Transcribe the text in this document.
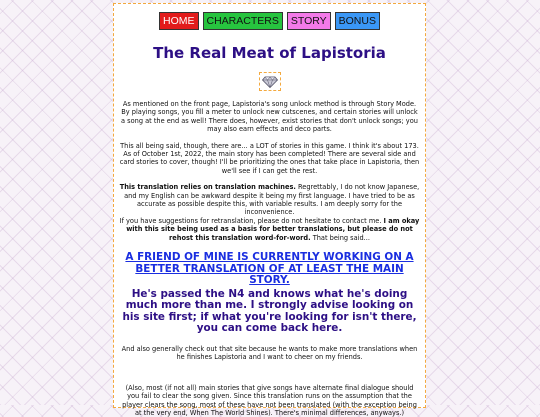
HOME	CHARACTERS	STORY	BONUS
The Real Meat of Lapistoria

As mentioned on the front page, Lapistoria's song unlock method is through Story Mode. By playing songs, you fill a meter to unlock new cutscenes, and certain stories will unlock a song at the end as well! There does, however, exist stories that don't unlock songs; you may also earn effects and deco parts.

This all being said, though, there are... a LOT of stories in this game. I think it's about 173. As of October 1st, 2022, the main story has been completed! There are several side and card stories to cover, though! I'll be prioritizing the ones that take place in Lapistoria, then we'll see if I can get the rest.

This translation relies on translation machines. Regrettably, I do not know Japanese, and my English can be awkward despite it being my first language. I have tried to be as accurate as possible despite this, with variable results. I am deeply sorry for the inconvenience.

If you have suggestions for retranslation, please do not hesitate to contact me. I am okay with this site being used as a basis for better translations, but please do not rehost this translation word-for-word. That being said...

A FRIEND OF MINE IS CURRENTLY WORKING ON A BETTER TRANSLATION OF AT LEAST THE MAIN STORY.

He's passed the N4 and knows what he's doing much more than me. I strongly advise looking on his site first; if what you're looking for isn't there, you can come back here.

And also generally check out that site because he wants to make more translations when he finishes Lapistoria and I want to cheer on my friends.

(Also, most (if not all) main stories that give songs have alternate final dialogue should you fail to clear the song given. Since this translation runs on the assumption that the player clears the song, most of these have not been translated (with the exception being at the very end, When The World Shines). There's minimal differences, anyways.)
